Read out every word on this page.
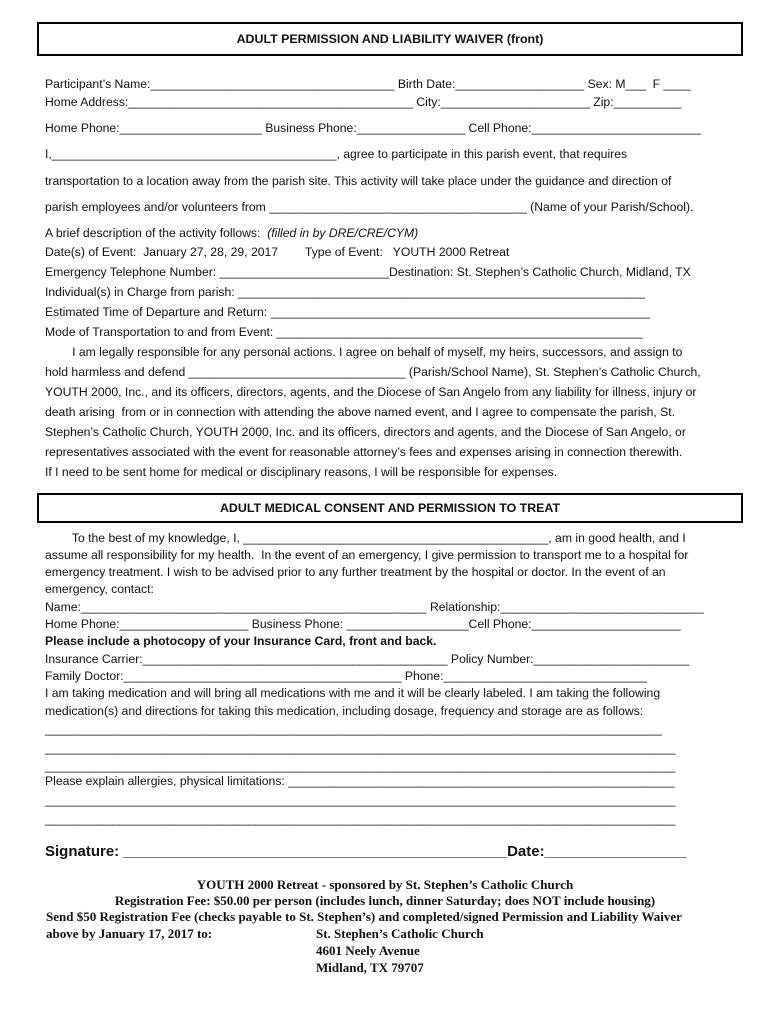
ADULT PERMISSION AND LIABILITY WAIVER (front)
Participant’s Name:____________________________________ Birth Date:___________________ Sex: M___  F ____
Home Address:__________________________________________ City:______________________ Zip:__________
Home Phone:_____________________ Business Phone:________________ Cell Phone:_________________________
I,__________________________________________, agree to participate in this parish event, that requires
transportation to a location away from the parish site. This activity will take place under the guidance and direction of
parish employees and/or volunteers from ______________________________________ (Name of your Parish/School).
A brief description of the activity follows:  (filled in by DRE/CRE/CYM)
Date(s) of Event:  January 27, 28, 29, 2017        Type of Event:   YOUTH 2000 Retreat
Emergency Telephone Number: _________________________Destination: St. Stephen’s Catholic Church, Midland, TX
Individual(s) in Charge from parish: ____________________________________________________________
Estimated Time of Departure and Return: ________________________________________________________
Mode of Transportation to and from Event: ______________________________________________________
I am legally responsible for any personal actions. I agree on behalf of myself, my heirs, successors, and assign to
hold harmless and defend ________________________________ (Parish/School Name), St. Stephen’s Catholic Church,
YOUTH 2000, Inc., and its officers, directors, agents, and the Diocese of San Angelo from any liability for illness, injury or
death arising  from or in connection with attending the above named event, and I agree to compensate the parish, St.
Stephen’s Catholic Church, YOUTH 2000, Inc. and its officers, directors and agents, and the Diocese of San Angelo, or
representatives associated with the event for reasonable attorney’s fees and expenses arising in connection therewith.
If I need to be sent home for medical or disciplinary reasons, I will be responsible for expenses.
ADULT MEDICAL CONSENT AND PERMISSION TO TREAT
To the best of my knowledge, I, _____________________________________________, am in good health, and I
assume all responsibility for my health.  In the event of an emergency, I give permission to transport me to a hospital for
emergency treatment. I wish to be advised prior to any further treatment by the hospital or doctor. In the event of an
emergency, contact:
Name:___________________________________________________ Relationship:______________________________
Home Phone:___________________ Business Phone: __________________Cell Phone:______________________
Please include a photocopy of your Insurance Card, front and back.
Insurance Carrier:_____________________________________________ Policy Number:_______________________
Family Doctor:_________________________________________ Phone:______________________________
I am taking medication and will bring all medications with me and it will be clearly labeled. I am taking the following
medication(s) and directions for taking this medication, including dosage, frequency and storage are as follows:
___________________________________________________________________________________________
_____________________________________________________________________________________________
_____________________________________________________________________________________________
Please explain allergies, physical limitations: _________________________________________________________
_____________________________________________________________________________________________
_____________________________________________________________________________________________
Signature: ______________________________________________Date:_________________
YOUTH 2000 Retreat - sponsored by St. Stephen’s Catholic Church
Registration Fee: $50.00 per person (includes lunch, dinner Saturday; does NOT include housing)
Send $50 Registration Fee (checks payable to St. Stephen’s) and completed/signed Permission and Liability Waiver
above by January 17, 2017 to:	St. Stephen’s Catholic Church
4601 Neely Avenue
Midland, TX 79707
